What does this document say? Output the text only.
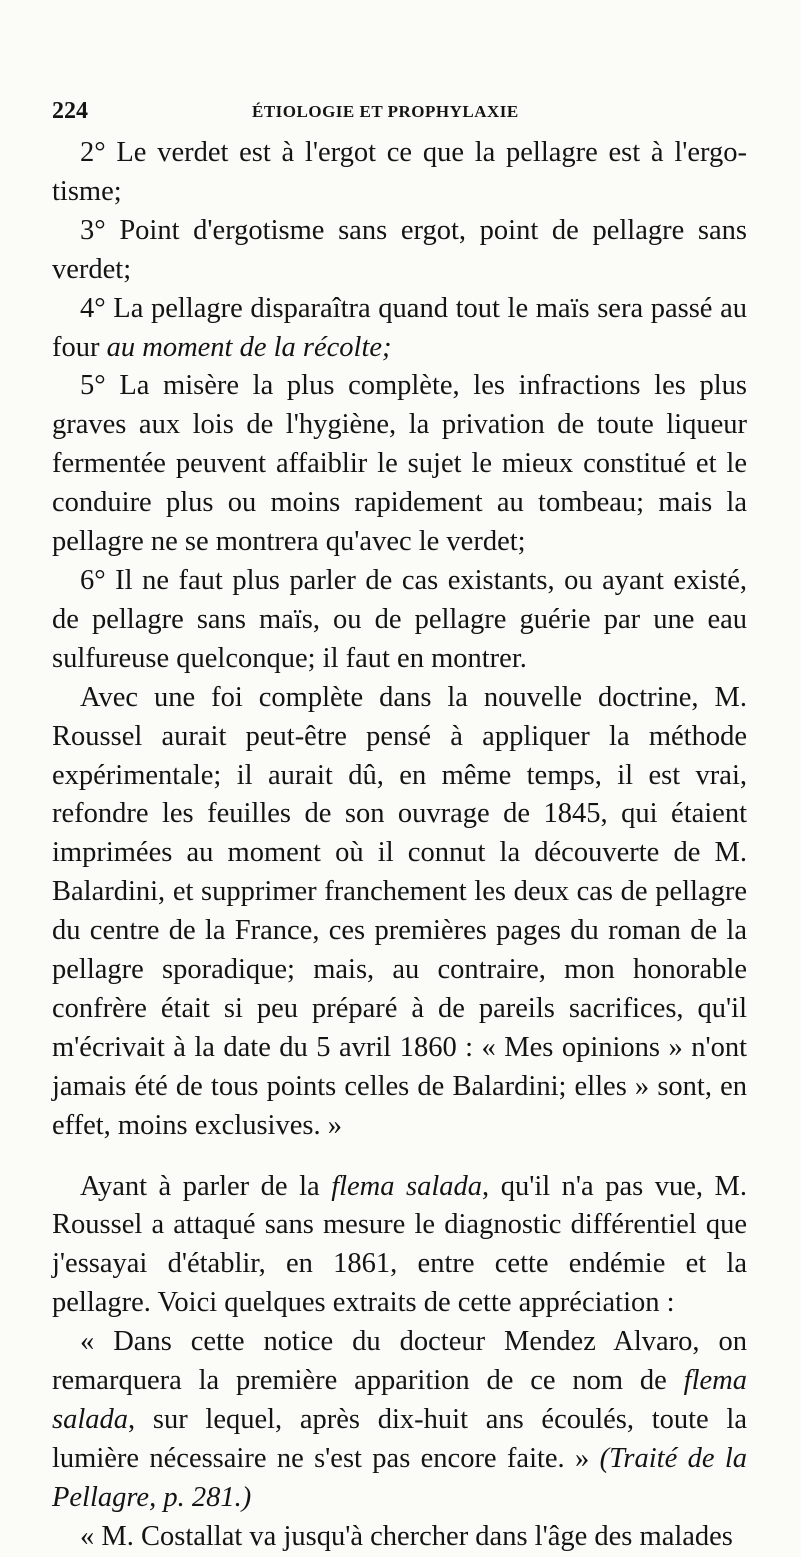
224	ÉTIOLOGIE ET PROPHYLAXIE

2° Le verdet est à l'ergot ce que la pellagre est à l'ergo-tisme;

3° Point d'ergotisme sans ergot, point de pellagre sans verdet;

4° La pellagre disparaîtra quand tout le maïs sera passé au four au moment de la récolte;

5° La misère la plus complète, les infractions les plus graves aux lois de l'hygiène, la privation de toute liqueur fermentée peuvent affaiblir le sujet le mieux constitué et le conduire plus ou moins rapidement au tombeau; mais la pellagre ne se montrera qu'avec le verdet;

6° Il ne faut plus parler de cas existants, ou ayant existé, de pellagre sans maïs, ou de pellagre guérie par une eau sulfureuse quelconque; il faut en montrer.

Avec une foi complète dans la nouvelle doctrine, M. Roussel aurait peut-être pensé à appliquer la méthode expérimentale; il aurait dû, en même temps, il est vrai, refondre les feuilles de son ouvrage de 1845, qui étaient imprimées au moment où il connut la découverte de M. Balardini, et supprimer franchement les deux cas de pellagre du centre de la France, ces premières pages du roman de la pellagre sporadique; mais, au contraire, mon honorable confrère était si peu préparé à de pareils sacrifices, qu'il m'écrivait à la date du 5 avril 1860 : « Mes opinions » n'ont jamais été de tous points celles de Balardini; elles » sont, en effet, moins exclusives. »

Ayant à parler de la flema salada, qu'il n'a pas vue, M. Roussel a attaqué sans mesure le diagnostic différentiel que j'essayai d'établir, en 1861, entre cette endémie et la pellagre. Voici quelques extraits de cette appréciation :

« Dans cette notice du docteur Mendez Alvaro, on remarquera la première apparition de ce nom de flema salada, sur lequel, après dix-huit ans écoulés, toute la lumière nécessaire ne s'est pas encore faite. » (Traité de la Pellagre, p. 281.)

« M. Costallat va jusqu'à chercher dans l'âge des malades
